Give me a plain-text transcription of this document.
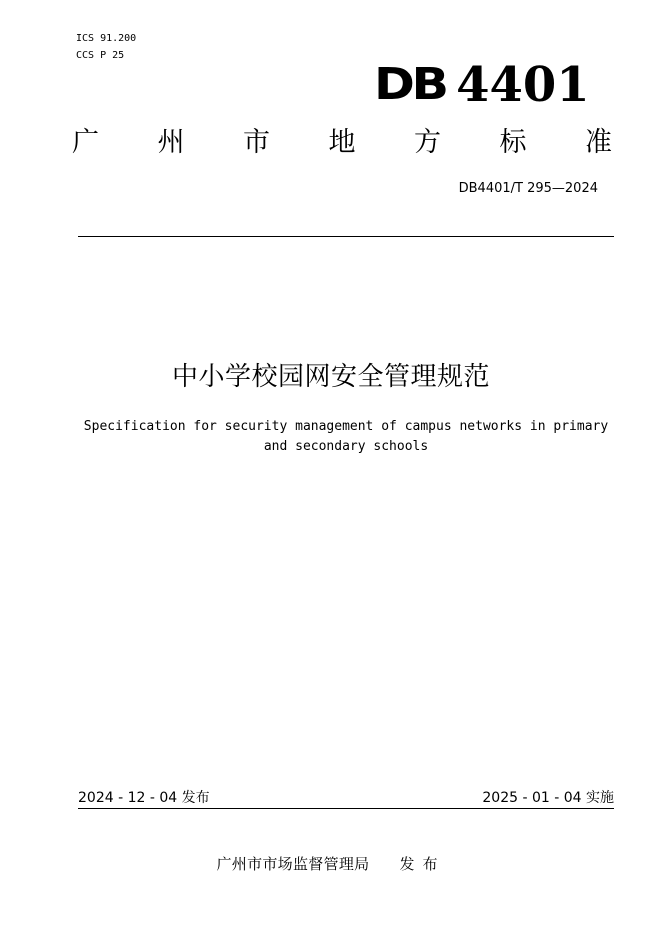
ICS 91.200
CCS P 25
DB 4401
广 州 市 地 方 标 准
DB4401/T 295—2024
中小学校园网安全管理规范
Specification for security management of campus networks in primary and secondary schools
2024 - 12 - 04 发布	2025 - 01 - 04 实施
广州市市场监督管理局 发布
